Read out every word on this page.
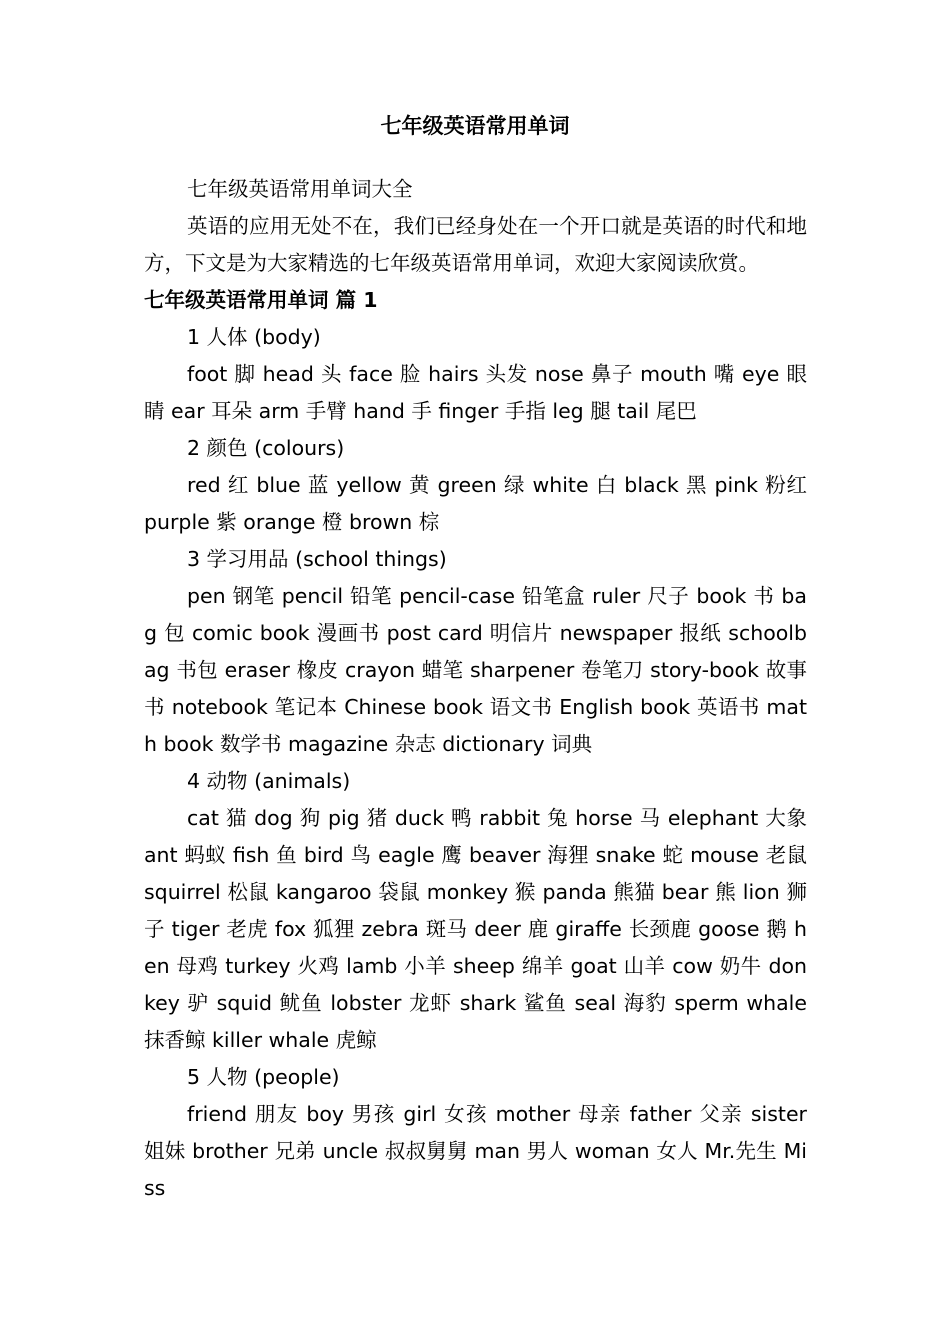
七年级英语常用单词

七年级英语常用单词大全

英语的应用无处不在，我们已经身处在一个开口就是英语的时代和地方，下文是为大家精选的七年级英语常用单词，欢迎大家阅读欣赏。

七年级英语常用单词 篇 1

1 人体 (body)

foot 脚 head 头 face 脸 hairs 头发 nose 鼻子 mouth 嘴 eye 眼睛 ear 耳朵 arm 手臂 hand 手 finger 手指 leg 腿 tail 尾巴

2 颜色 (colours)

red 红 blue 蓝 yellow 黄 green 绿 white 白 black 黑 pink 粉红 purple 紫 orange 橙 brown 棕

3 学习用品 (school things)

pen 钢笔 pencil 铅笔 pencil-case 铅笔盒 ruler 尺子 book 书 bag 包 comic book 漫画书 post card 明信片 newspaper 报纸 schoolbag 书包 eraser 橡皮 crayon 蜡笔 sharpener 卷笔刀 story-book 故事书 notebook 笔记本 Chinese book 语文书 English book 英语书 math book 数学书 magazine 杂志 dictionary 词典

4 动物 (animals)

cat 猫 dog 狗 pig 猪 duck 鸭 rabbit 兔 horse 马 elephant 大象 ant 蚂蚁 fish 鱼 bird 鸟 eagle 鹰 beaver 海狸 snake 蛇 mouse 老鼠 squirrel 松鼠 kangaroo 袋鼠 monkey 猴 panda 熊猫 bear 熊 lion 狮子 tiger 老虎 fox 狐狸 zebra 斑马 deer 鹿 giraffe 长颈鹿 goose 鹅 hen 母鸡 turkey 火鸡 lamb 小羊 sheep 绵羊 goat 山羊 cow 奶牛 donkey 驴 squid 鱿鱼 lobster 龙虾 shark 鲨鱼 seal 海豹 sperm whale 抹香鲸 killer whale 虎鲸

5 人物 (people)

friend 朋友 boy 男孩 girl 女孩 mother 母亲 father 父亲 sister 姐妹 brother 兄弟 uncle 叔叔舅舅 man 男人 woman 女人 Mr.先生 Miss
